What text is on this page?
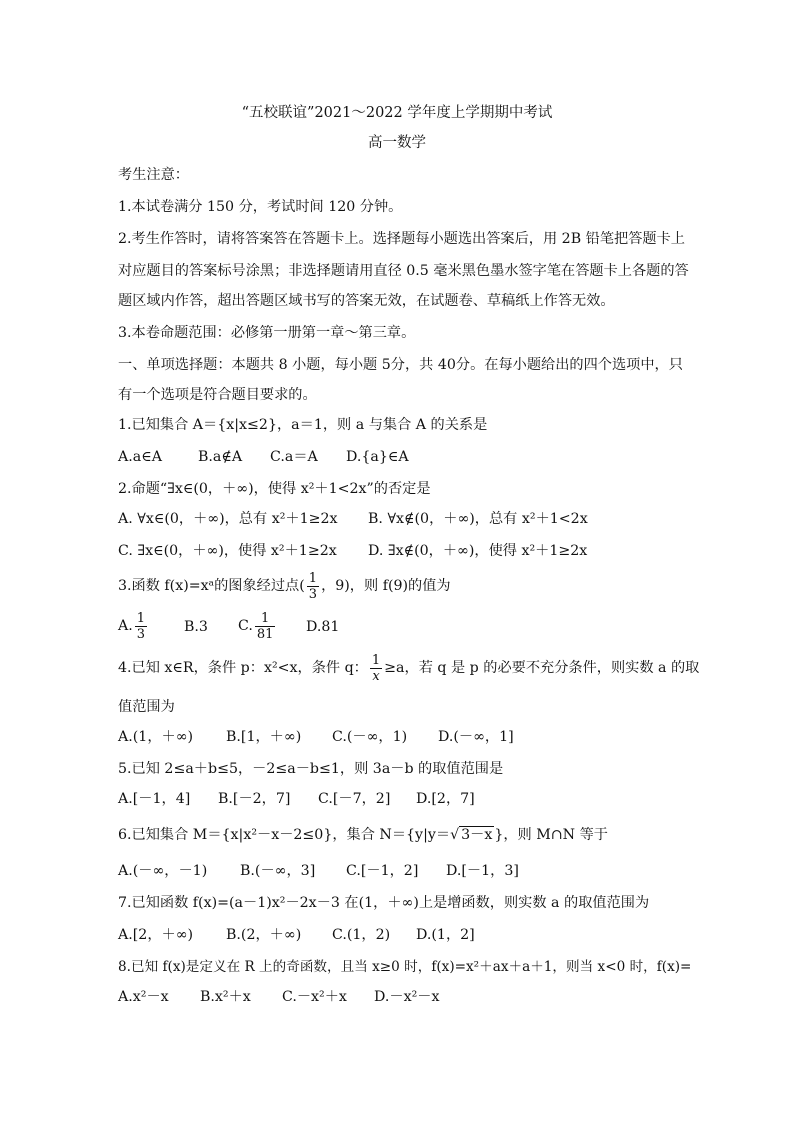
“五校联谊”2021～2022 学年度上学期期中考试
高一数学
考生注意：
1.本试卷满分 150 分，考试时间 120 分钟。
2.考生作答时，请将答案答在答题卡上。选择题每小题选出答案后，用 2B 铅笔把答题卡上
对应题目的答案标号涂黑；非选择题请用直径 0.5 毫米黑色墨水签字笔在答题卡上各题的答
题区域内作答，超出答题区域书写的答案无效，在试题卷、草稿纸上作答无效。
3.本卷命题范围：必修第一册第一章～第三章。
一、单项选择题：本题共 8 小题，每小题 5分，共 40分。在每小题给出的四个选项中，只
有一个选项是符合题目要求的。
1.已知集合 A＝{x|x≤2}，a＝1，则 a 与集合 A 的关系是
A.a∈A	B.a∉A C.a＝A D.{a}∈A
2.命题“∃x∈(0，＋∞)，使得 x²＋1<2x”的否定是
A. ∀x∈(0，＋∞)，总有 x²＋1≥2x B. ∀x∉(0，＋∞)，总有 x²＋1<2x
C. ∃x∈(0，＋∞)，使得 x²＋1≥2x D. ∃x∉(0，＋∞)，使得 x²＋1≥2x
3.函数 f(x)=xᵃ的图象经过点( $\frac{1}{3}$ ，9)，则 f(9)的值为
A. $\frac{1}{3}$	B.3 C. $\frac{1}{81} D.81$
4.已知 x∈R，条件 p：x²<x，条件 q： $\frac{1}{x} \ge a$，若 q 是 p 的必要不充分条件，则实数 a 的取
值范围为
A.(1，＋∞) B.[1，＋∞) C.(－∞，1) D.(－∞，1]
5.已知 2≤a＋b≤5，－2≤a－b≤1，则 3a－b 的取值范围是
A.[－1，4] B.[－2，7] C.[－7，2] D.[2，7]
6.已知集合 M＝{x|x²－x－2≤0}，集合 N＝{y|y＝√ 3－x }，则 M∩N 等于
A.(－∞，－1) B.(－∞，3] C.[－1，2] D.[－1，3]
7.已知函数 f(x)=(a－1)x²－2x－3 在(1，＋∞)上是增函数，则实数 a 的取值范围为
A.[2，＋∞) B.(2，＋∞) C.(1，2) D.(1，2]
8.已知 f(x)是定义在 R 上的奇函数，且当 x≥0 时，f(x)=x²＋ax＋a＋1，则当 x<0 时，f(x)=
A.x²－x B.x²＋x C.－x²＋x D.－x²－x
